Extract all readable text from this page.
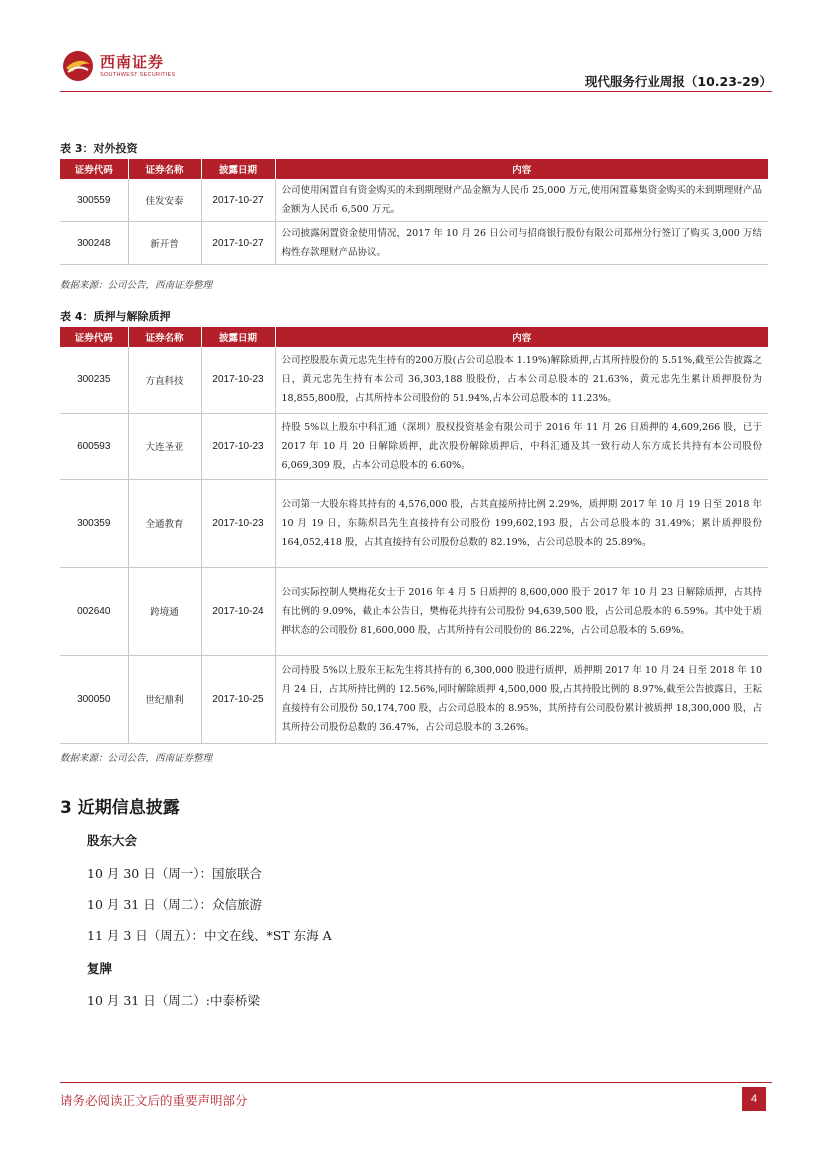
西南证券
SOUTHWEST SECURITIES	现代服务行业周报（10.23-29）
表 3：对外投资
证券代码	证券名称	披露日期	内容
300559	佳发安泰	2017-10-27	公司使用闲置自有资金购买的未到期理财产品金额为人民币 25,000 万元,使用闲置募集资金购买的未到期理财产品金额为人民币 6,500 万元。
300248	新开普	2017-10-27	公司披露闲置资金使用情况，2017 年 10 月 26 日公司与招商银行股份有限公司郑州分行签订了购买 3,000 万结构性存款理财产品协议。
数据来源：公司公告，西南证券整理
表 4：质押与解除质押
证券代码	证券名称	披露日期	内容
300235	方直科技	2017-10-23	公司控股股东黄元忠先生持有的200万股(占公司总股本 1.19%)解除质押,占其所持股份的 5.51%,截至公告披露之日，黄元忠先生持有本公司 36,303,188 股股份，占本公司总股本的 21.63%，黄元忠先生累计质押股份为 18,855,800股，占其所持本公司股份的 51.94%,占本公司总股本的 11.23%。
600593	大连圣亚	2017-10-23	持股 5%以上股东中科汇通（深圳）股权投资基金有限公司于 2016 年 11 月 26 日质押的 4,609,266 股，已于 2017 年 10 月 20 日解除质押，此次股份解除质押后，中科汇通及其一致行动人东方成长共持有本公司股份 6,069,309 股，占本公司总股本的 6.60%。
300359	全通教育	2017-10-23	公司第一大股东将其持有的 4,576,000 股，占其直接所持比例 2.29%，质押期 2017 年 10 月 19 日至 2018 年 10 月 19 日，东陈炽昌先生直接持有公司股份 199,602,193 股，占公司总股本的 31.49%；累计质押股份 164,052,418 股，占其直接持有公司股份总数的 82.19%，占公司总股本的 25.89%。
002640	跨境通	2017-10-24	公司实际控制人樊梅花女士于 2016 年 4 月 5 日质押的 8,600,000 股于 2017 年 10 月 23 日解除质押，占其持有比例的 9.09%，截止本公告日，樊梅花共持有公司股份 94,639,500 股，占公司总股本的 6.59%。其中处于质押状态的公司股份 81,600,000 股，占其所持有公司股份的 86.22%，占公司总股本的 5.69%。
300050	世纪鼎利	2017-10-25	公司持股 5%以上股东王耘先生将其持有的 6,300,000 股进行质押，质押期 2017 年 10 月 24 日至 2018 年 10 月 24 日，占其所持比例的 12.56%,同时解除质押 4,500,000 股,占其持股比例的 8.97%,截至公告披露日，王耘直接持有公司股份 50,174,700 股，占公司总股本的 8.95%，其所持有公司股份累计被质押 18,300,000 股，占其所持公司股份总数的 36.47%，占公司总股本的 3.26%。
数据来源：公司公告，西南证券整理
3 近期信息披露
股东大会
10 月 30 日（周一）：国旅联合
10 月 31 日（周二）：众信旅游
11 月 3 日（周五）：中文在线、*ST 东海 A
复牌
10 月 31 日（周二）:中泰桥梁
请务必阅读正文后的重要声明部分	4
